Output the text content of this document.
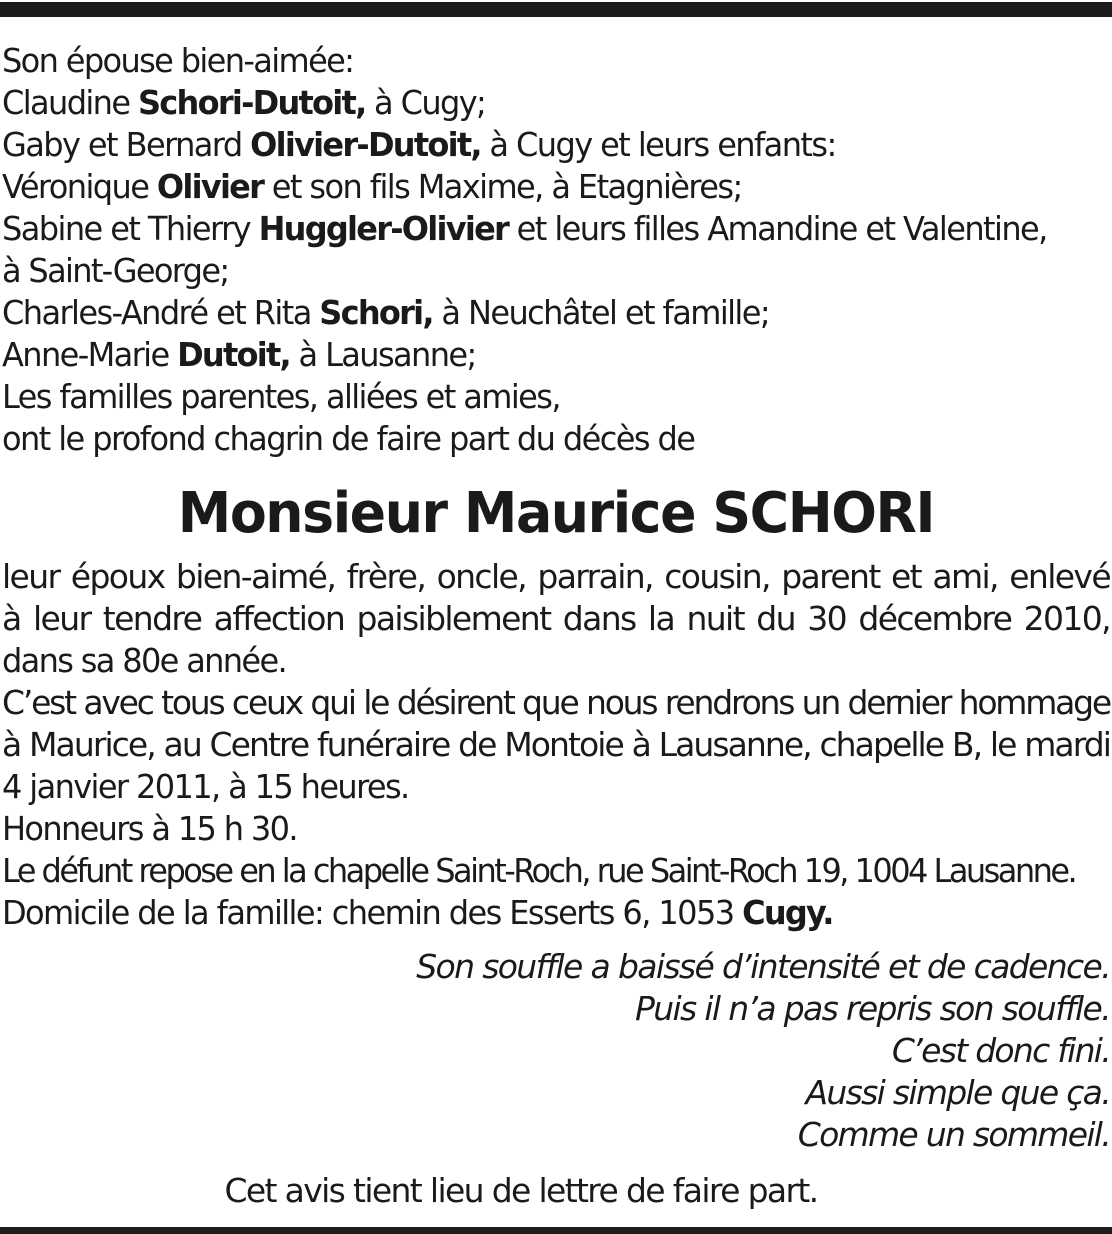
Son épouse bien-aimée:
Claudine Schori-Dutoit, à Cugy;
Gaby et Bernard Olivier-Dutoit, à Cugy et leurs enfants:
Véronique Olivier et son fils Maxime, à Etagnières;
Sabine et Thierry Huggler-Olivier et leurs filles Amandine et Valentine,
à Saint-George;
Charles-André et Rita Schori, à Neuchâtel et famille;
Anne-Marie Dutoit, à Lausanne;
Les familles parentes, alliées et amies,
ont le profond chagrin de faire part du décès de
Monsieur Maurice SCHORI
leur époux bien-aimé, frère, oncle, parrain, cousin, parent et ami, enlevé
à leur tendre affection paisiblement dans la nuit du 30 décembre 2010,
dans sa 80e année.
C’est avec tous ceux qui le désirent que nous rendrons un dernier hommage
à Maurice, au Centre funéraire de Montoie à Lausanne, chapelle B, le mardi
4 janvier 2011, à 15 heures.
Honneurs à 15 h 30.
Le défunt repose en la chapelle Saint-Roch, rue Saint-Roch 19, 1004 Lausanne.
Domicile de la famille: chemin des Esserts 6, 1053 Cugy.
Son souffle a baissé d’intensité et de cadence.
Puis il n’a pas repris son souffle.
C’est donc fini.
Aussi simple que ça.
Comme un sommeil.
Cet avis tient lieu de lettre de faire part.
